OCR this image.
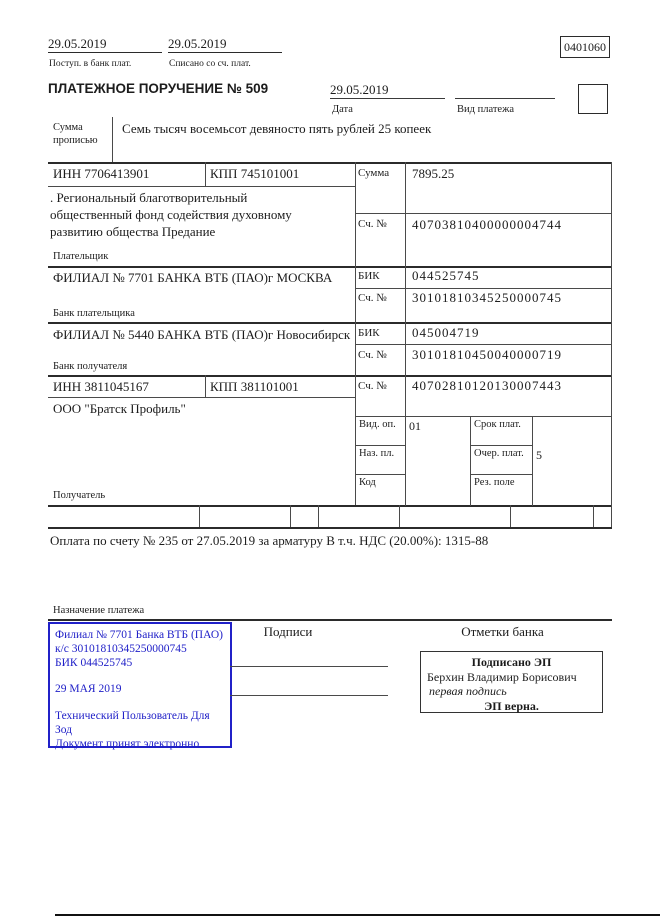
29.05.2019
Поступ. в банк плат.
29.05.2019
Списано со сч. плат.
0401060
ПЛАТЕЖНОЕ ПОРУЧЕНИЕ № 509	29.05.2019
Дата	Вид платежа
Сумма прописью
Семь тысяч восемьсот девяносто пять рублей 25 копеек
ИНН 7706413901	КПП 745101001	Сумма 7895.25
. Региональный благотворительный
общественный фонд содействия духовному
развитию общества Предание	Сч. № 40703810400000004744
Плательщик
ФИЛИАЛ № 7701 БАНКА ВТБ (ПАО)г МОСКВА	БИК 044525745
Сч. № 30101810345250000745
Банк плательщика
ФИЛИАЛ № 5440 БАНКА ВТБ (ПАО)г Новосибирск БИК 045004719
Сч. № 30101810450040000719
Банк получателя
ИНН 3811045167	КПП 381101001	Сч. № 40702810120130007443
ООО "Братск Профиль"
Получатель
Вид. оп.	01	Срок плат.
Наз. пл.	Очер. плат.	5
Код	Рез. поле
Оплата по счету № 235 от 27.05.2019 за арматуру В т.ч. НДС (20.00%): 1315-88
Назначение платежа
Филиал № 7701 Банка ВТБ (ПАО)
к/с 30101810345250000745
БИК 044525745
29 МАЯ 2019
Технический Пользователь Для
Зод
Документ принят электронно
Подписи	Отметки банка
Подписано ЭП
Берхин Владимир Борисович
первая подпись
ЭП верна.
